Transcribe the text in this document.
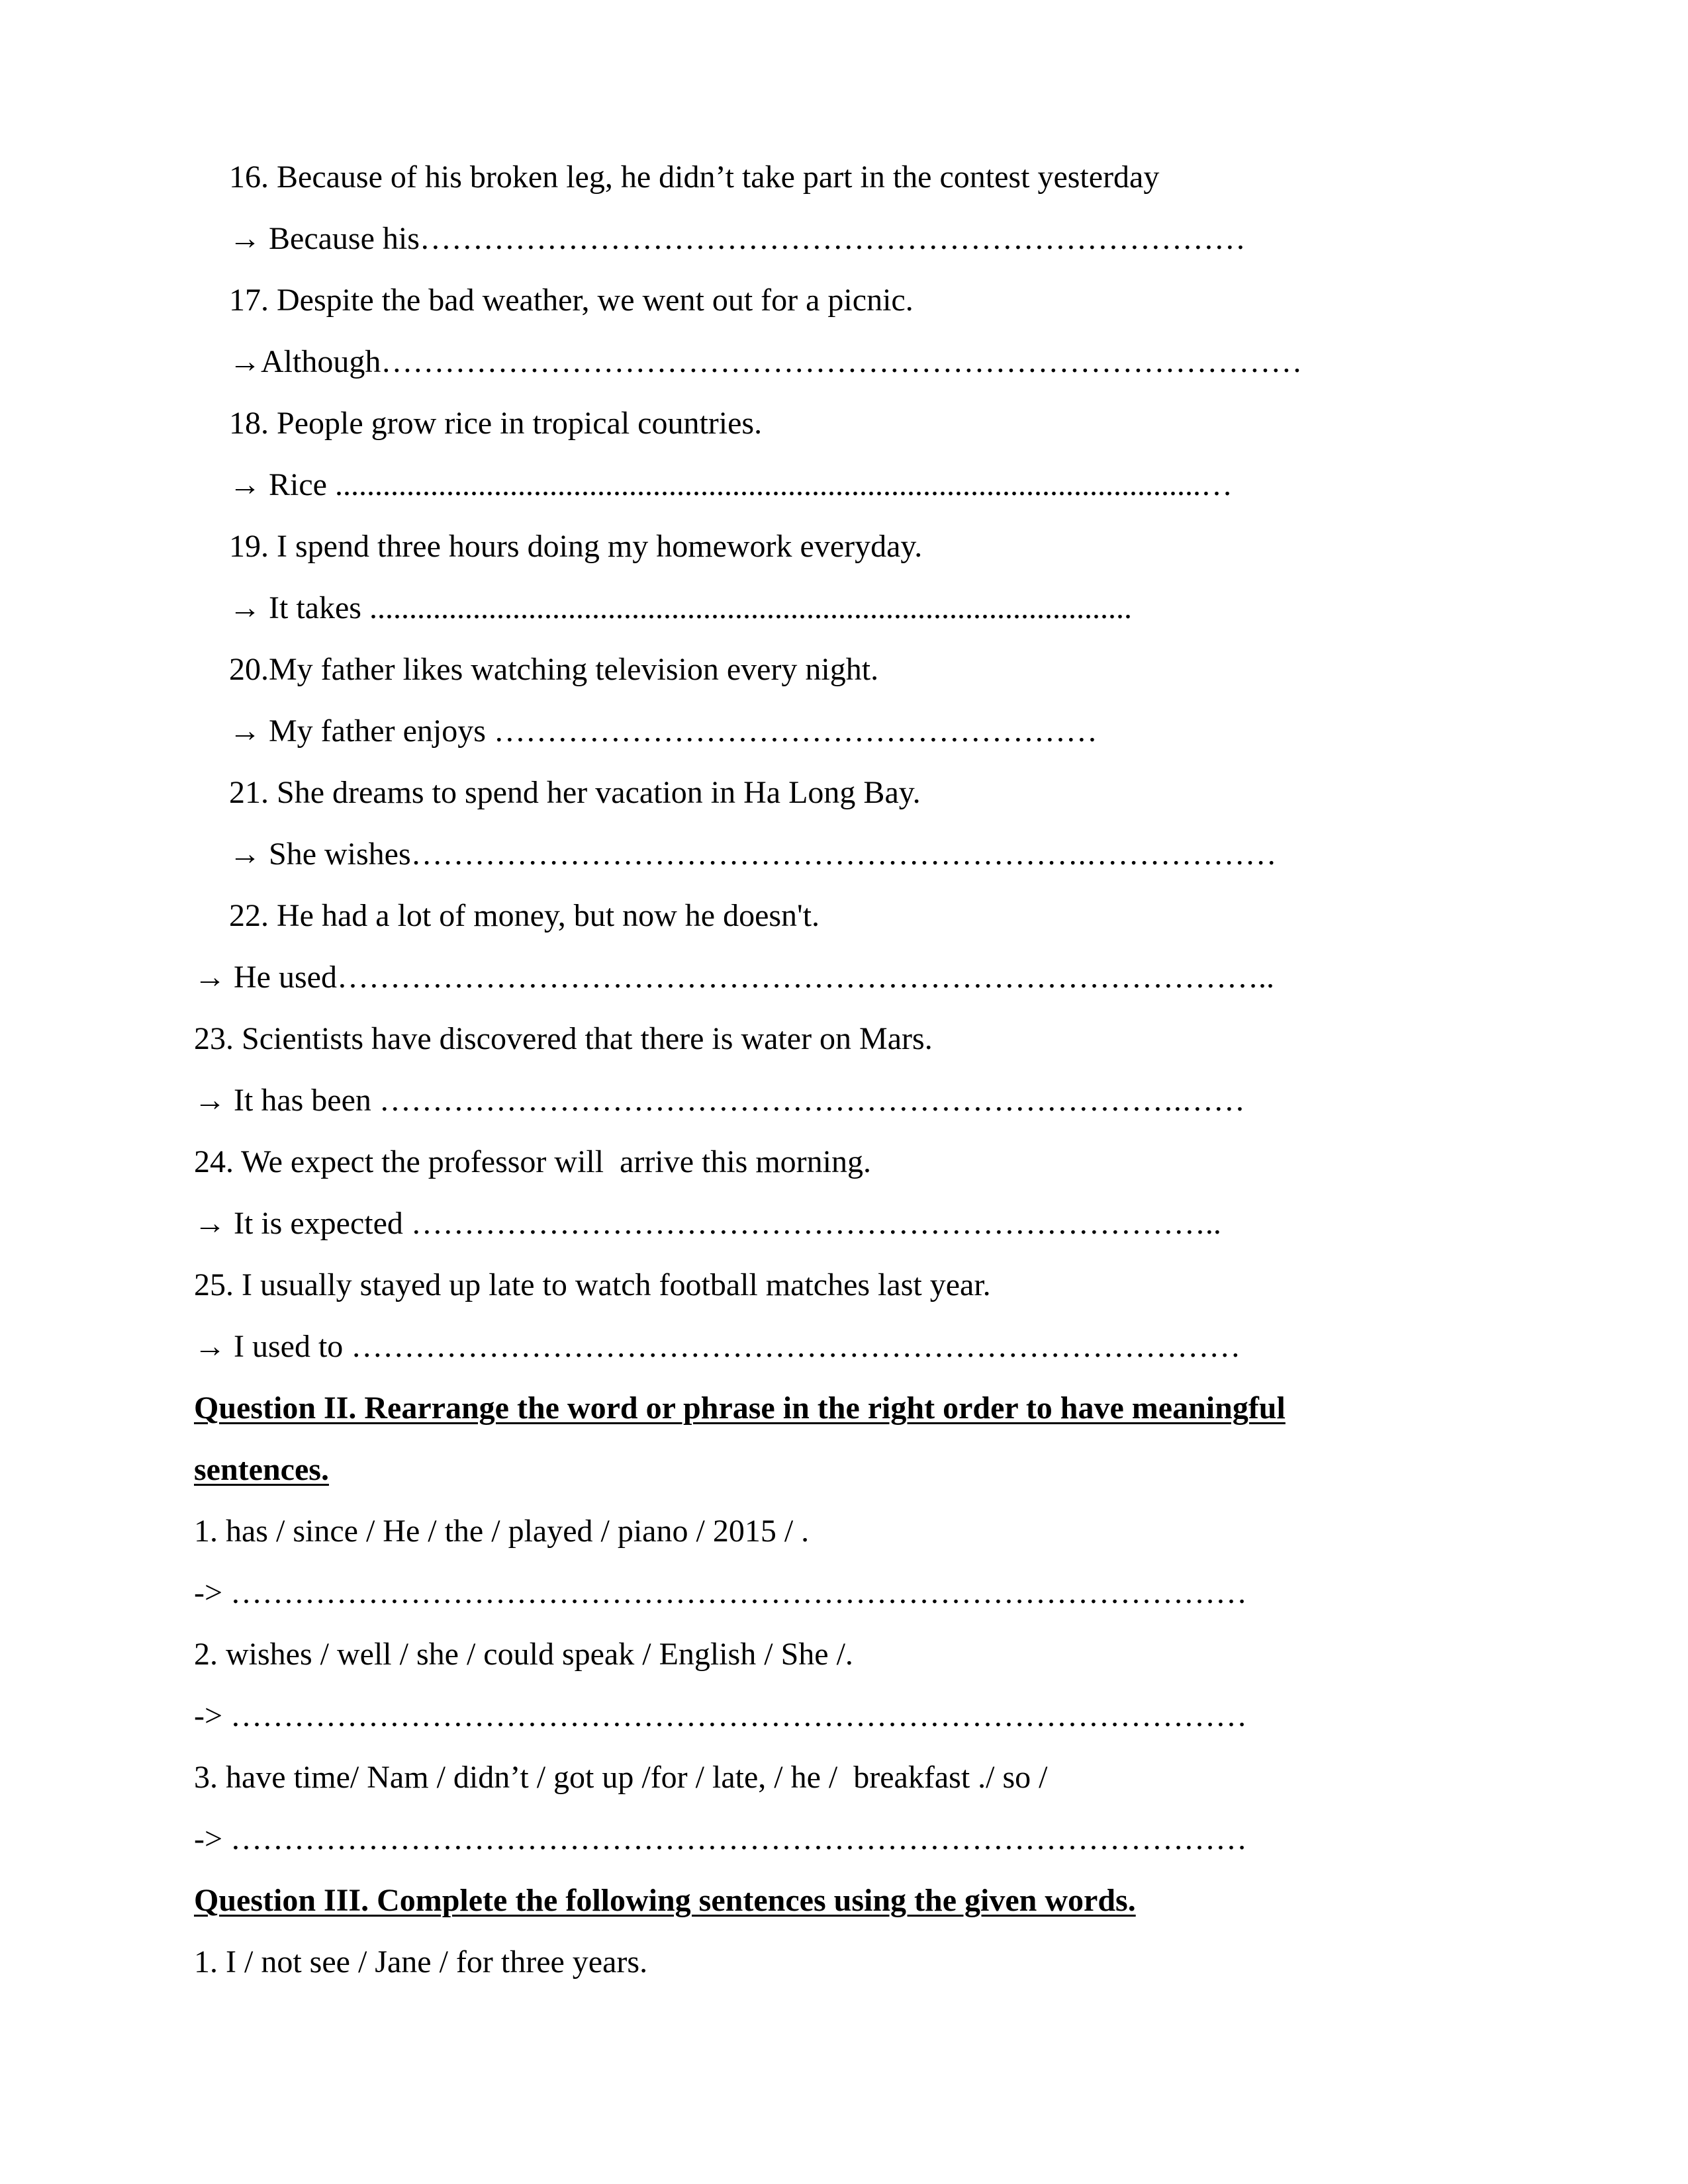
16. Because of his broken leg, he didn’t take part in the contest yesterday
→ Because his……………………………………………………………………
17. Despite the bad weather, we went out for a picnic.
→Although……………………………………………………………………………
18. People grow rice in tropical countries.
→ Rice .............................................................................................................…
19. I spend three hours doing my homework everyday.
→ It takes ................................................................................................
20.My father likes watching television every night.
→ My father enjoys …………………………………………………
21. She dreams to spend her vacation in Ha Long Bay.
→ She wishes……………………………………………………….………………
22. He had a lot of money, but now he doesn't.
→ He used……………………………………………………………………………..
23. Scientists have discovered that there is water on Mars.
→ It has been ………………………………………………………………….……
24. We expect the professor will  arrive this morning.
→ It is expected …………………………………………………………………..
25. I usually stayed up late to watch football matches last year.
→ I used to …………………………………………………………………………
Question II. Rearrange the word or phrase in the right order to have meaningful
sentences.
1. has / since / He / the / played / piano / 2015 / .
-> ……………………………………………………………………………………
2. wishes / well / she / could speak / English / She /.
-> ……………………………………………………………………………………
3. have time/ Nam / didn’t / got up /for / late, / he /  breakfast ./ so /
-> ……………………………………………………………………………………
Question III. Complete the following sentences using the given words.
1. I / not see / Jane / for three years.
